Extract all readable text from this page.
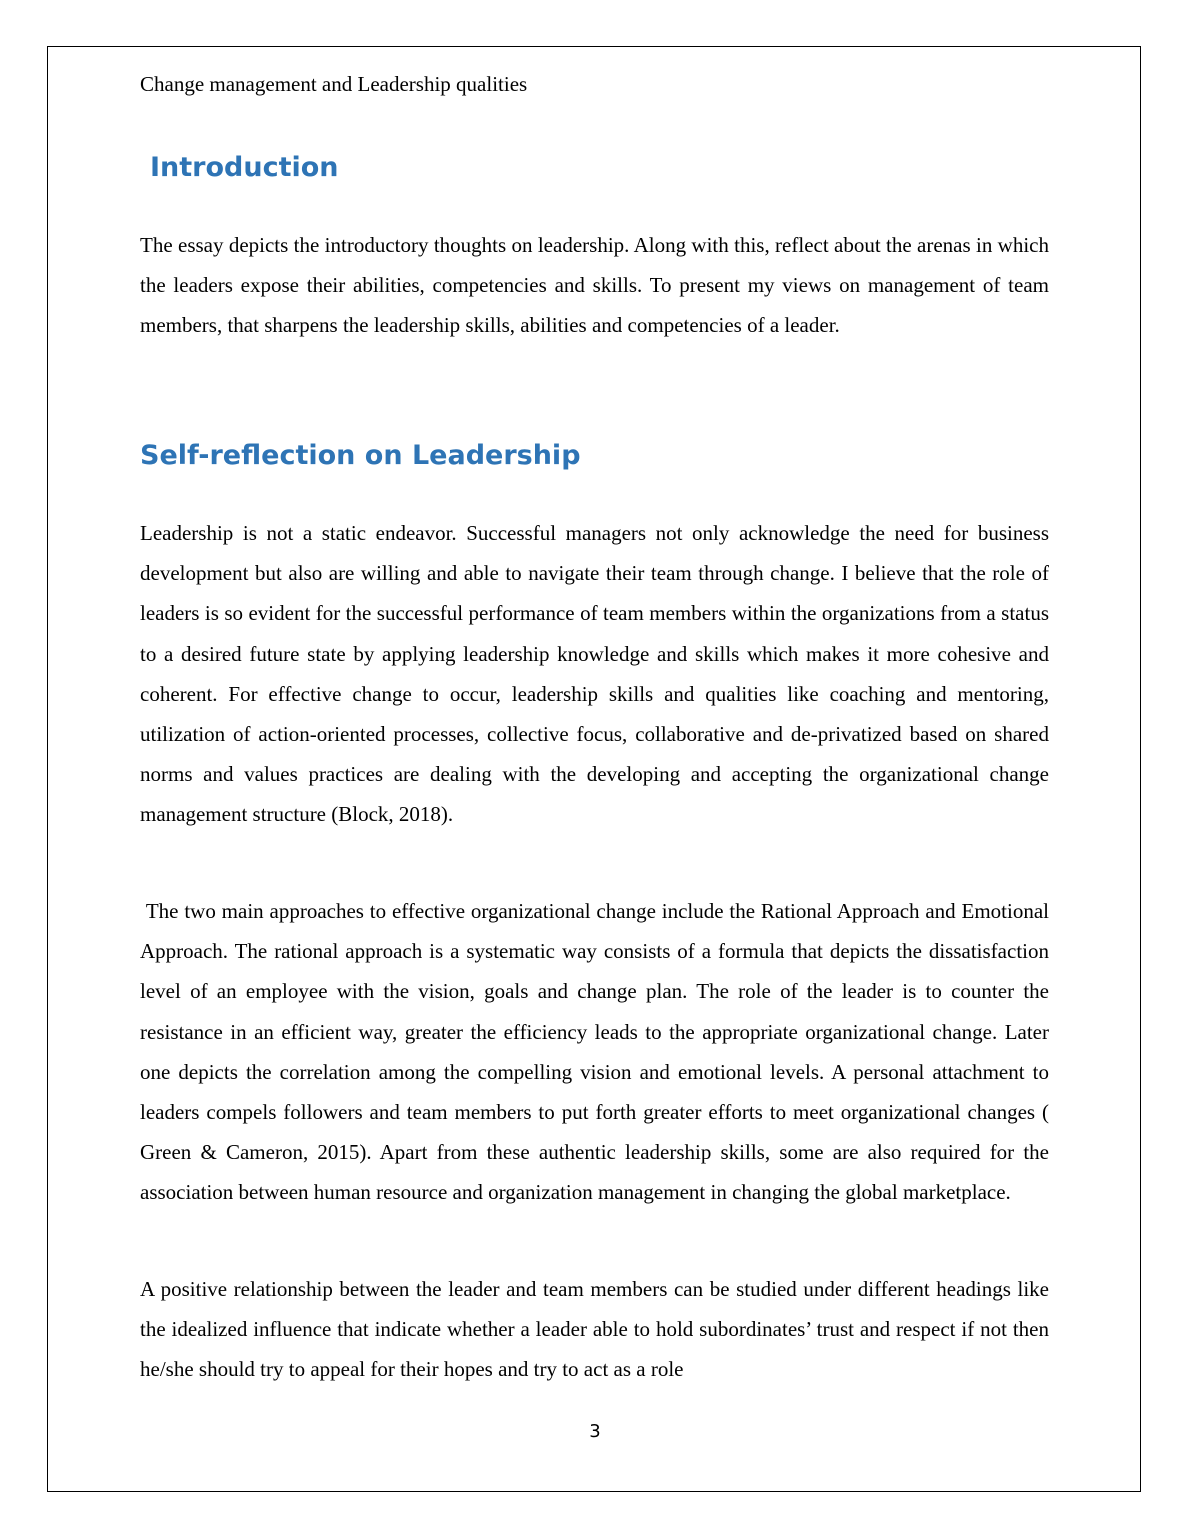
Change management and Leadership qualities
Introduction

The essay depicts the introductory thoughts on leadership. Along with this, reflect about the arenas in which the leaders expose their abilities, competencies and skills. To present my views on management of team members, that sharpens the leadership skills, abilities and competencies of a leader.

Self-reflection on Leadership

Leadership is not a static endeavor. Successful managers not only acknowledge the need for business development but also are willing and able to navigate their team through change. I believe that the role of leaders is so evident for the successful performance of team members within the organizations from a status to a desired future state by applying leadership knowledge and skills which makes it more cohesive and coherent. For effective change to occur, leadership skills and qualities like coaching and mentoring, utilization of action-oriented processes, collective focus, collaborative and de-privatized based on shared norms and values practices are dealing with the developing and accepting the organizational change management structure (Block, 2018).

The two main approaches to effective organizational change include the Rational Approach and Emotional Approach. The rational approach is a systematic way consists of a formula that depicts the dissatisfaction level of an employee with the vision, goals and change plan. The role of the leader is to counter the resistance in an efficient way, greater the efficiency leads to the appropriate organizational change. Later one depicts the correlation among the compelling vision and emotional levels. A personal attachment to leaders compels followers and team members to put forth greater efforts to meet organizational changes ( Green & Cameron, 2015). Apart from these authentic leadership skills, some are also required for the association between human resource and organization management in changing the global marketplace.

A positive relationship between the leader and team members can be studied under different headings like the idealized influence that indicate whether a leader able to hold subordinates’ trust and respect if not then he/she should try to appeal for their hopes and try to act as a role

3
